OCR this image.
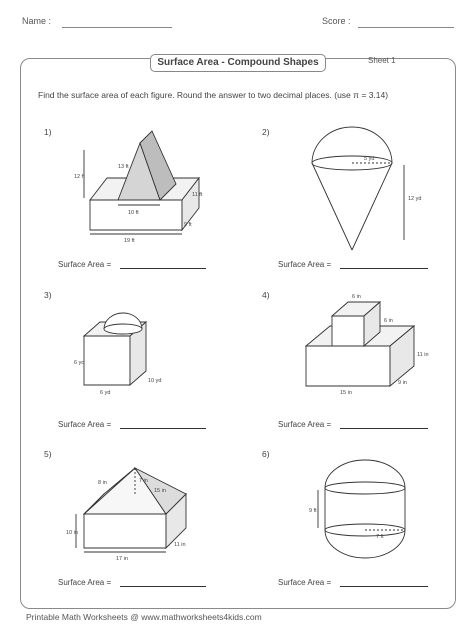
Name :	Score :
Surface Area - Compound Shapes	Sheet 1
Find the surface area of each figure. Round the answer to two decimal places. (use π = 3.14)
1)	2)
3)	4)
5)	6)
12 ft
13 ft
10 ft
11 ft
9 ft
19 ft
5 yd
12 yd
6 yd
6 yd
10 yd
6 in
6 in
11 in
15 in
9 in
8 in	7 in
15 in
10 in
17 in
11 in
9 ft
7 ft
Surface Area =	Surface Area =
Surface Area =	Surface Area =
Surface Area =	Surface Area =
Printable Math Worksheets @ www.mathworksheets4kids.com
